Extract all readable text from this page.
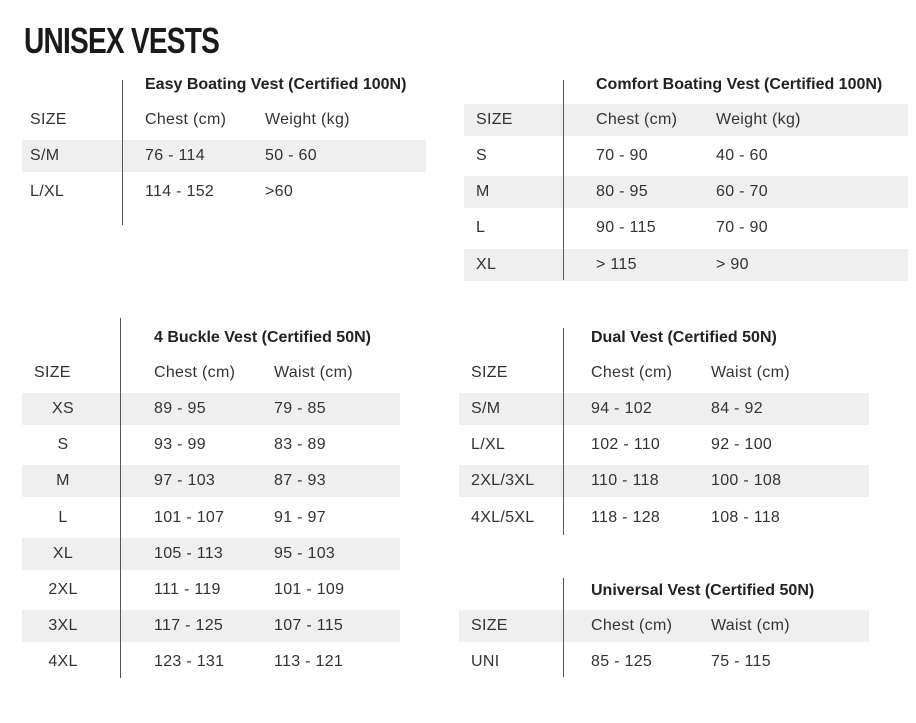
UNISEX VESTS
Easy Boating Vest (Certified 100N)
SIZE	Chest (cm) Weight (kg)
S/M	76 - 114	50 - 60
L/XL	114 - 152	>60
Comfort Boating Vest (Certified 100N)
SIZE	Chest (cm) Weight (kg)
S	70 - 90	40 - 60
M	80 - 95	60 - 70
L	90 - 115	70 - 90
XL	> 115	> 90
4 Buckle Vest (Certified 50N)
SIZE	Chest (cm) Waist (cm)
XS	89 - 95	79 - 85
S	93 - 99	83 - 89
M	97 - 103	87 - 93
L	101 - 107	91 - 97
XL	105 - 113	95 - 103
2XL	111 - 119	101 - 109
3XL	117 - 125	107 - 115
4XL	123 - 131	113 - 121
Dual Vest (Certified 50N)
SIZE	Chest (cm) Waist (cm)
S/M	94 - 102	84 - 92
L/XL	102 - 110	92 - 100
2XL/3XL	110 - 118	100 - 108
4XL/5XL	118 - 128	108 - 118
Universal Vest (Certified 50N)
SIZE	Chest (cm) Waist (cm)
UNI	85 - 125	75 - 115
